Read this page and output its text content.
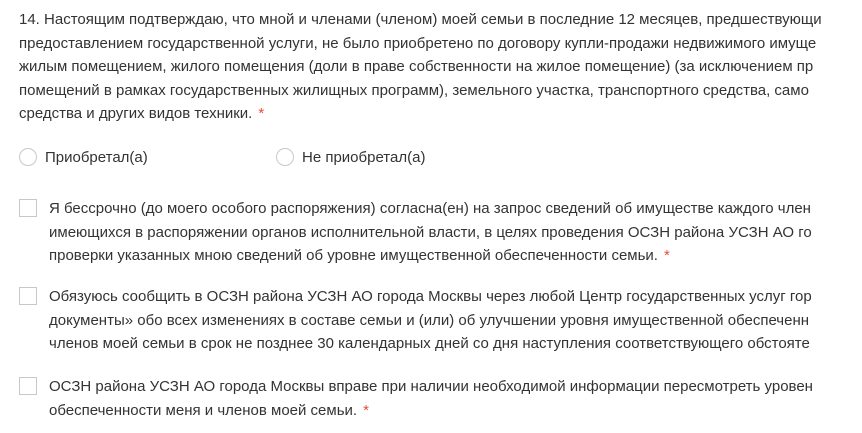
14. Настоящим подтверждаю, что мной и членами (членом) моей семьи в последние 12 месяцев, предшествующи
предоставлением государственной услуги, не было приобретено по договору купли-продажи недвижимого имуще
жилым помещением, жилого помещения (доли в праве собственности на жилое помещение) (за исключением пр
помещений в рамках государственных жилищных программ), земельного участка, транспортного средства, само
средства и других видов техники. *
Приобретал(а)	Не приобретал(а)
Я бессрочно (до моего особого распоряжения) согласна(ен) на запрос сведений об имуществе каждого член
имеющихся в распоряжении органов исполнительной власти, в целях проведения ОСЗН района УСЗН АО го
проверки указанных мною сведений об уровне имущественной обеспеченности семьи. *
Обязуюсь сообщить в ОСЗН района УСЗН АО города Москвы через любой Центр государственных услуг гор
документы» обо всех изменениях в составе семьи и (или) об улучшении уровня имущественной обеспеченн
членов моей семьи в срок не позднее 30 календарных дней со дня наступления соответствующего обстояте
ОСЗН района УСЗН АО города Москвы вправе при наличии необходимой информации пересмотреть уровен
обеспеченности меня и членов моей семьи. *
